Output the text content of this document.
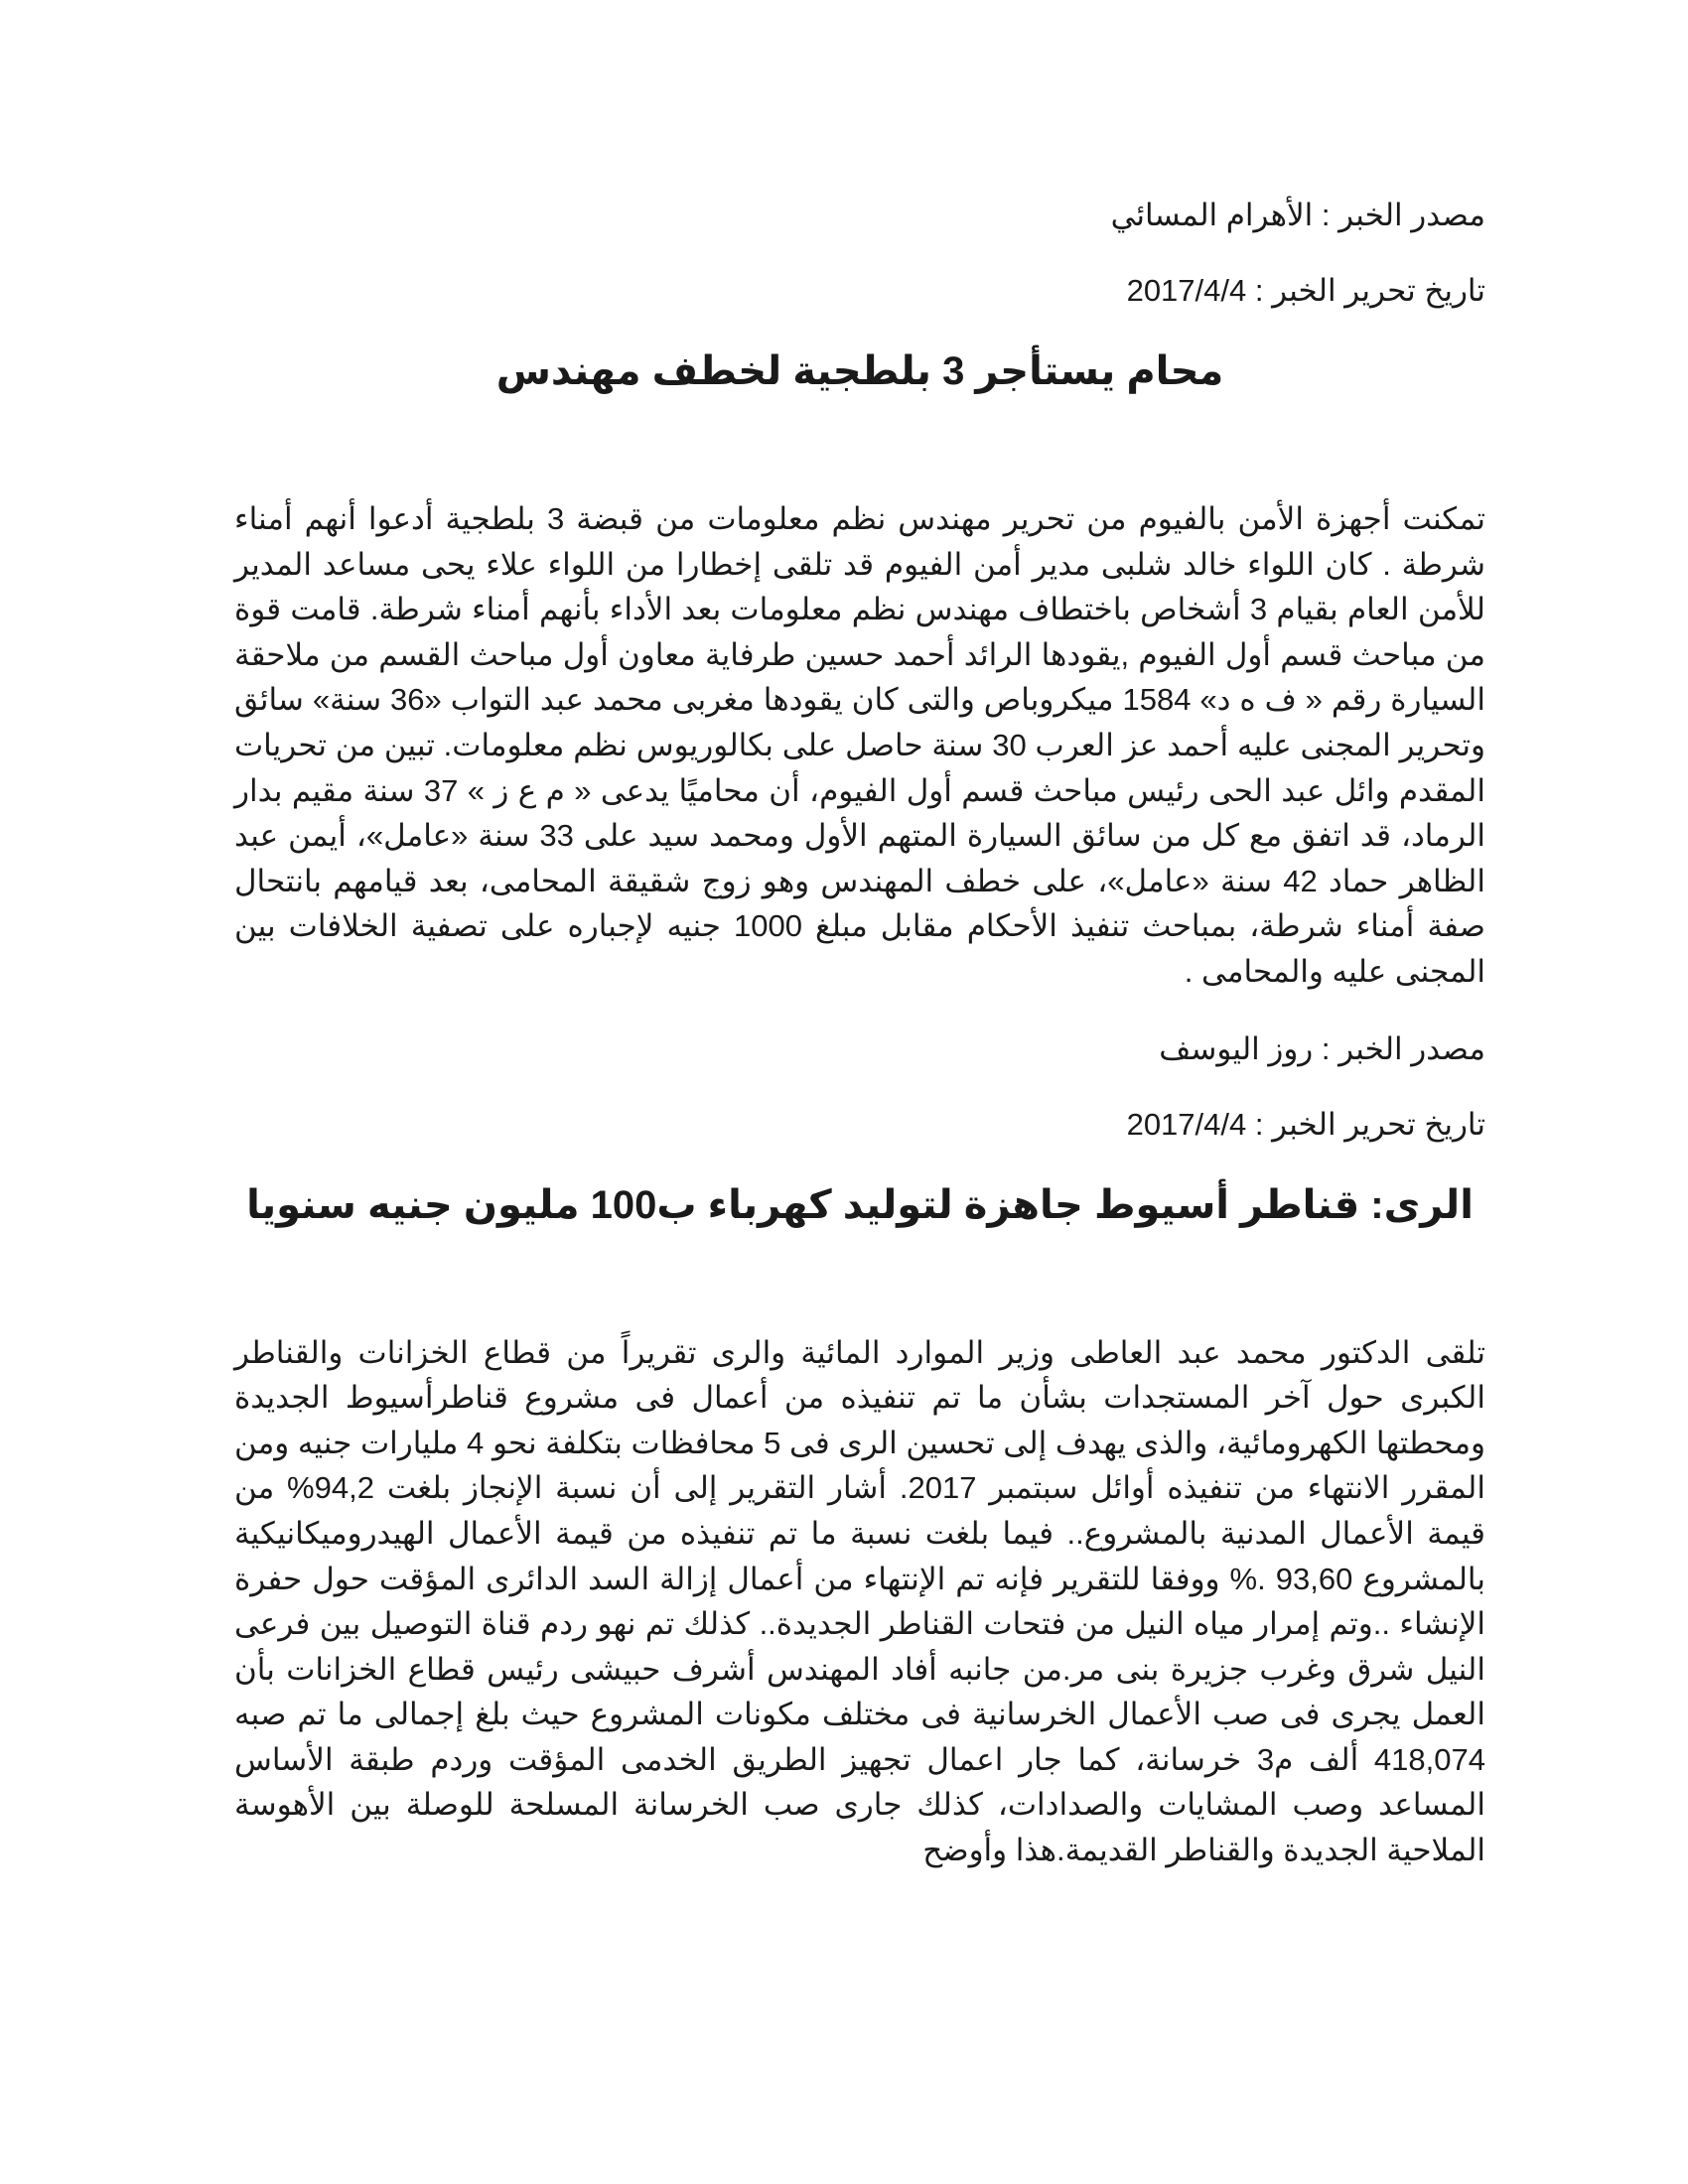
مصدر الخبر : الأهرام المسائي
تاريخ تحرير الخبر : 2017/4/4
محام يستأجر 3 بلطجية لخطف مهندس

تمكنت أجهزة الأمن بالفيوم من تحرير مهندس نظم معلومات من قبضة 3 بلطجية أدعوا أنهم أمناء شرطة . كان اللواء خالد شلبى مدير أمن الفيوم قد تلقى إخطارا من اللواء علاء يحى مساعد المدير للأمن العام بقيام 3 أشخاص باختطاف مهندس نظم معلومات بعد الأداء بأنهم أمناء شرطة. قامت قوة من مباحث قسم أول الفيوم ,يقودها الرائد أحمد حسين طرفاية معاون أول مباحث القسم من ملاحقة السيارة رقم « ف ه د» 1584 ميكروباص والتى كان يقودها مغربى محمد عبد التواب «36 سنة» سائق وتحرير المجنى عليه أحمد عز العرب 30 سنة حاصل على بكالوريوس نظم معلومات. تبين من تحريات المقدم وائل عبد الحى رئيس مباحث قسم أول الفيوم، أن محاميًا يدعى « م ع ز » 37 سنة مقيم بدار الرماد، قد اتفق مع كل من سائق السيارة المتهم الأول ومحمد سيد على 33 سنة «عامل»، أيمن عبد الظاهر حماد 42 سنة «عامل»، على خطف المهندس وهو زوج شقيقة المحامى، بعد قيامهم بانتحال صفة أمناء شرطة، بمباحث تنفيذ الأحكام مقابل مبلغ 1000 جنيه لإجباره على تصفية الخلافات بين المجنى عليه والمحامى .

مصدر الخبر : روز اليوسف
تاريخ تحرير الخبر : 2017/4/4
الرى: قناطر أسيوط جاهزة لتوليد كهرباء ب100 مليون جنيه سنويا

تلقى الدكتور محمد عبد العاطى وزير الموارد المائية والرى تقريراً من قطاع الخزانات والقناطر الكبرى حول آخر المستجدات بشأن ما تم تنفيذه من أعمال فى مشروع قناطرأسيوط الجديدة ومحطتها الكهرومائية، والذى يهدف إلى تحسين الرى فى 5 محافظات بتكلفة نحو 4 مليارات جنيه ومن المقرر الانتهاء من تنفيذه أوائل سبتمبر 2017. أشار التقرير إلى أن نسبة الإنجاز بلغت 94,2% من قيمة الأعمال المدنية بالمشروع.. فيما بلغت نسبة ما تم تنفيذه من قيمة الأعمال الهيدروميكانيكية بالمشروع 93,60 .% ووفقا للتقرير فإنه تم الإنتهاء من أعمال إزالة السد الدائرى المؤقت حول حفرة الإنشاء ..وتم إمرار مياه النيل من فتحات القناطر الجديدة.. كذلك تم نهو ردم قناة التوصيل بين فرعى النيل شرق وغرب جزيرة بنى مر.من جانبه أفاد المهندس أشرف حبيشى رئيس قطاع الخزانات بأن العمل يجرى فى صب الأعمال الخرسانية فى مختلف مكونات المشروع حيث بلغ إجمالى ما تم صبه 418,074 ألف م3 خرسانة، كما جار اعمال تجهيز الطريق الخدمى المؤقت وردم طبقة الأساس المساعد وصب المشايات والصدادات، كذلك جارى صب الخرسانة المسلحة للوصلة بين الأهوسة الملاحية الجديدة والقناطر القديمة.هذا وأوضح
